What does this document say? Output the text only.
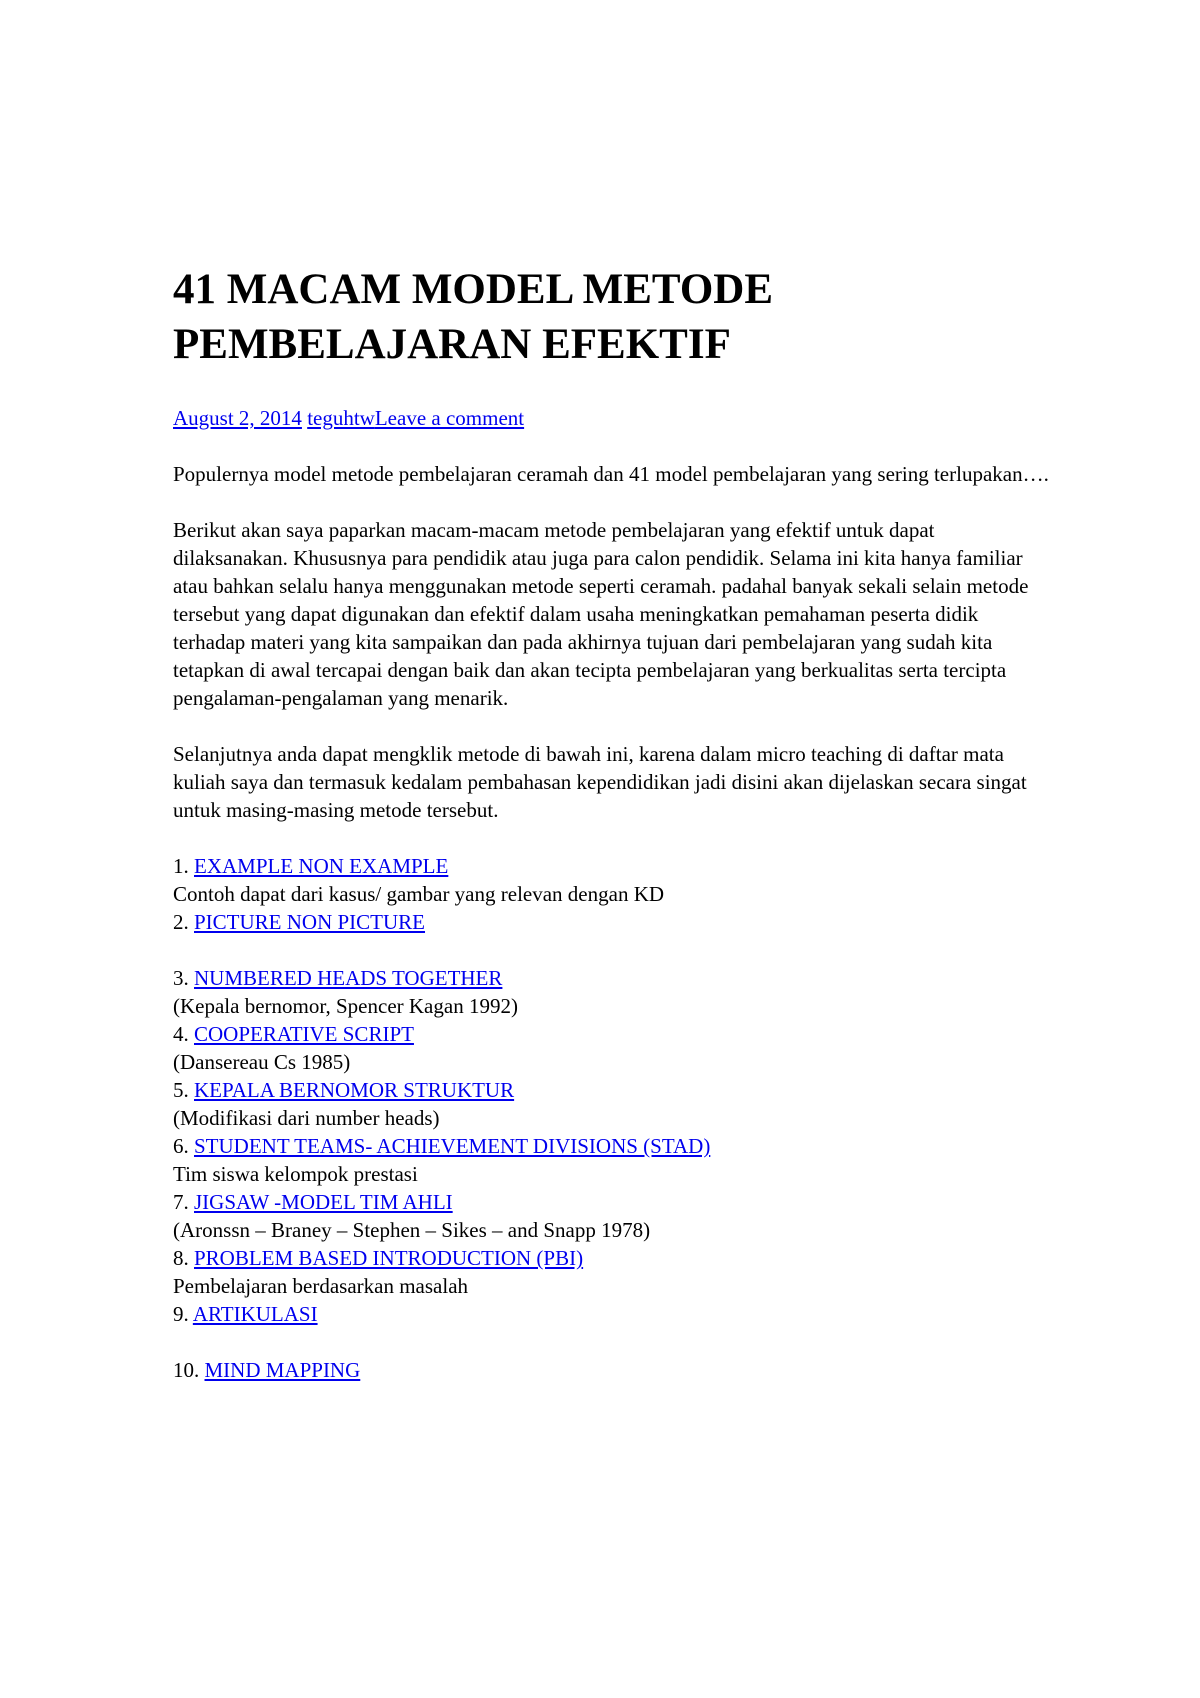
41 MACAM MODEL METODE PEMBELAJARAN EFEKTIF
August 2, 2014 teguhtwLeave a comment

Populernya model metode pembelajaran ceramah dan 41 model pembelajaran yang sering terlupakan….

Berikut akan saya paparkan macam-macam metode pembelajaran yang efektif untuk dapat dilaksanakan. Khususnya para pendidik atau juga para calon pendidik. Selama ini kita hanya familiar atau bahkan selalu hanya menggunakan metode seperti ceramah. padahal banyak sekali selain metode tersebut yang dapat digunakan dan efektif dalam usaha meningkatkan pemahaman peserta didik terhadap materi yang kita sampaikan dan pada akhirnya tujuan dari pembelajaran yang sudah kita tetapkan di awal tercapai dengan baik dan akan tecipta pembelajaran yang berkualitas serta tercipta pengalaman-pengalaman yang menarik.

Selanjutnya anda dapat mengklik metode di bawah ini, karena dalam micro teaching di daftar mata kuliah saya dan termasuk kedalam pembahasan kependidikan jadi disini akan dijelaskan secara singat untuk masing-masing metode tersebut.

1. EXAMPLE NON EXAMPLE
Contoh dapat dari kasus/ gambar yang relevan dengan KD
2. PICTURE NON PICTURE
3. NUMBERED HEADS TOGETHER
(Kepala bernomor, Spencer Kagan 1992)
4. COOPERATIVE SCRIPT
(Dansereau Cs 1985)
5. KEPALA BERNOMOR STRUKTUR
(Modifikasi dari number heads)
6. STUDENT TEAMS- ACHIEVEMENT DIVISIONS (STAD)
Tim siswa kelompok prestasi
7. JIGSAW -MODEL TIM AHLI
(Aronssn – Braney – Stephen – Sikes – and Snapp 1978)
8. PROBLEM BASED INTRODUCTION (PBI)
Pembelajaran berdasarkan masalah
9. ARTIKULASI
10. MIND MAPPING
